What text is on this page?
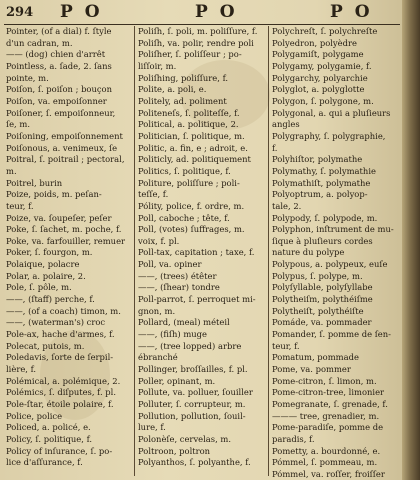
294 P O	P O	P O
Pointer, (of a dial) f. ſtyle
d'un cadran, m.
—— (dog) chien d'arrêt
Pointless, a. ſade, 2. ſans
pointe, m.
Poiſon, ſ. poiſon ; bouçon
Poiſon, va. empoiſonner
Poiſoner, ſ. empoiſonneur,
ſe, m.
Poiſoning, empoiſonnement
Poiſonous, a. venimeux, ſe
Poitral, ſ. poitrail ; pectoral,
m.
Poitrel, burin
Poize, poids, m. peſan-
teur, f.
Poize, va. ſoupeſer, peſer
Poke, ſ. ſachet, m. poche, f.
Poke, va. farfouiller, remuer
Poker, ſ. fourgon, m.
Polaique, polacre
Polar, a. polaire, 2.
Pole, ſ. pôle, m.
——, (ſtaff) perche, f.
——, (of a coach) timon, m.
——, (waterman's) croc
Pole-ax, hache d'armes, f.
Polecat, putois, m.
Poledavis, ſorte de ſerpil-
lière, f.
Polémical, a. polémique, 2.
Polémics, ſ. diſputes, f. pl.
Pole-ſtar, étoile polaire, f.
Police, police
Policed, a. policé, e.
Policy, ſ. politique, f.
Policy of inſurance, ſ. po-
lice d'aſſurance, f.
Poliſh, ſ. poli, m. poliſſure, f.
Poliſh, va. polir, rendre poli
Poliſher, ſ. poliſſeur ; po-
liſſoir, m.
Poliſhing, poliſſure, f.
Polite, a. poli, e.
Politely, ad. poliment
Politeneſs, ſ. politeſſe, f.
Political, a. politique, 2.
Politician, ſ. politique, m.
Politic, a. fin, e ; adroit, e.
Politicly, ad. politiquement
Politics, ſ. politique, f.
Politure, poliſſure ; poli-
teſſe, f.
Pólity, police, f. ordre, m.
Poll, caboche ; tête, f.
Poll, (votes) ſuffrages, m.
voix, f. pl.
Poll-tax, capitation ; taxe, f.
Poll, va. opiner
——, (trees) étêter
——, (ſhear) tondre
Poll-parrot, ſ. perroquet mi-
gnon, m.
Pollard, (meal) méteil
——, (fiſh) muge
——, (tree lopped) arbre
ébranché
Pollinger, broſſailles, f. pl.
Poller, opinant, m.
Pollute, va. polluer, ſouiller
Polluter, ſ. corrupteur, m.
Pollution, pollution, ſouil-
lure, f.
Polonèſe, cervelas, m.
Poltroon, poltron
Polyanthos, ſ. polyanthe, f.
Polychreſt, ſ. polychreſte
Polyedron, polyèdre
Polygamiſt, polygame
Polygamy, polygamie, f.
Polygarchy, polyarchie
Polyglot, a. polyglotte
Polygon, ſ. polygone, m.
Polygonal, a. qui a pluſieurs
angles
Polygraphy, ſ. polygraphie,
f.
Polyhiſtor, polymathe
Polymathy, ſ. polymathie
Polymathiſt, polymathe
Polyoptrum, a. polyop-
tale, 2.
Polypody, ſ. polypode, m.
Polyphon, inſtrument de mu-
ſique à pluſieurs cordes
nature du polype
Polypous, a. polypeux, euſe
Polypus, ſ. polype, m.
Polyſyllable, polyſyllabe
Polytheiſm, polythéiſme
Polytheiſt, polythéiſte
Pomáde, va. pommader
Pomander, ſ. pomme de ſen-
teur, f.
Pomatum, pommade
Pome, va. pommer
Pome-citron, ſ. limon, m.
Pome-citron-tree, limonier
Pomegranate, ſ. grenade, f.
——— tree, grenadier, m.
Pome-paradiſe, pomme de
paradis, f.
Pometty, a. bourdonné, e.
Pómmel, ſ. pommeau, m.
Pómmel, va. roſſer, froiſſer
